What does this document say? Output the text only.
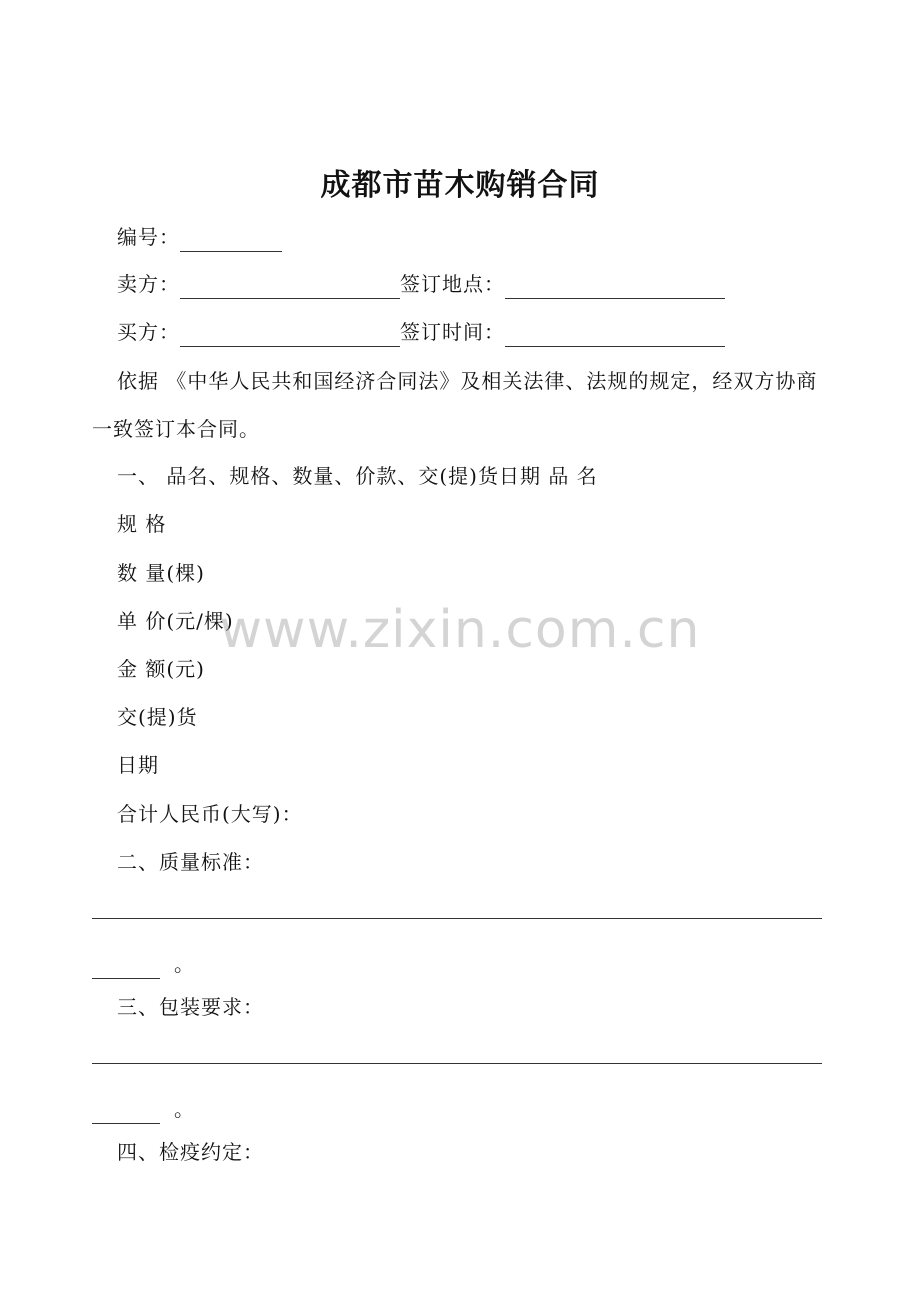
成都市苗木购销合同
编号：
卖方：	签订地点：
买方：	签订时间：
依据 《中华人民共和国经济合同法》及相关法律、法规的规定，经双方协商一致签订本合同。
一、 品名、规格、数量、价款、交(提)货日期 品 名
规 格
数 量(棵)
单 价(元/棵)
金 额(元)
交(提)货
日期
合计人民币(大写)：
二、质量标准：
。
三、包装要求：
。
四、检疫约定：
www.zixin.com.cn
